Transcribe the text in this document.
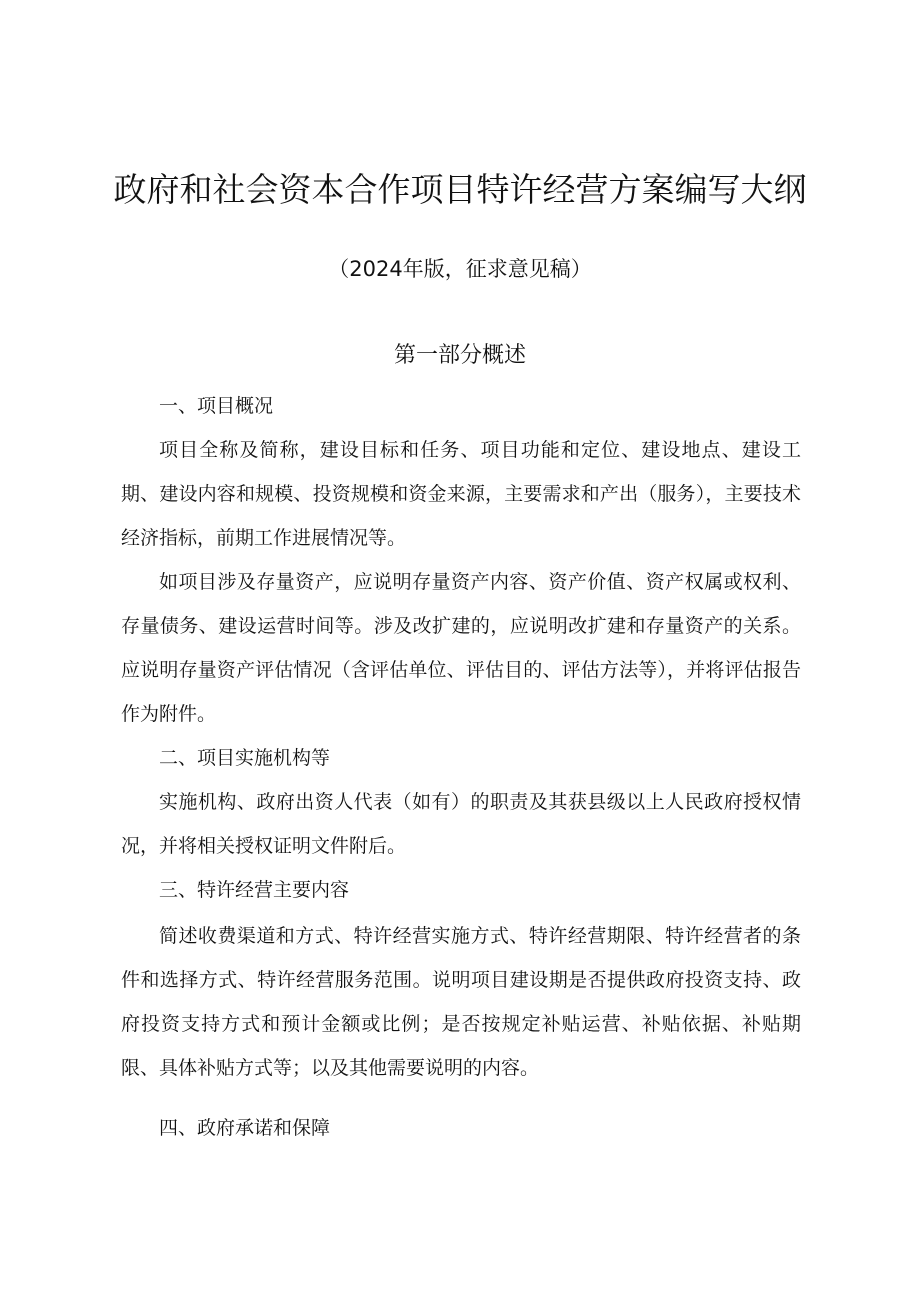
政府和社会资本合作项目特许经营方案编写大纲
（2024年版，征求意见稿）
第一部分概述

一、项目概况

项目全称及简称，建设目标和任务、项目功能和定位、建设地点、建设工期、建设内容和规模、投资规模和资金来源，主要需求和产出（服务），主要技术经济指标，前期工作进展情况等。

如项目涉及存量资产，应说明存量资产内容、资产价值、资产权属或权利、存量债务、建设运营时间等。涉及改扩建的，应说明改扩建和存量资产的关系。应说明存量资产评估情况（含评估单位、评估目的、评估方法等），并将评估报告作为附件。

二、项目实施机构等

实施机构、政府出资人代表（如有）的职责及其获县级以上人民政府授权情况，并将相关授权证明文件附后。

三、特许经营主要内容

简述收费渠道和方式、特许经营实施方式、特许经营期限、特许经营者的条件和选择方式、特许经营服务范围。说明项目建设期是否提供政府投资支持、政府投资支持方式和预计金额或比例；是否按规定补贴运营、补贴依据、补贴期限、具体补贴方式等；以及其他需要说明的内容。

四、政府承诺和保障
